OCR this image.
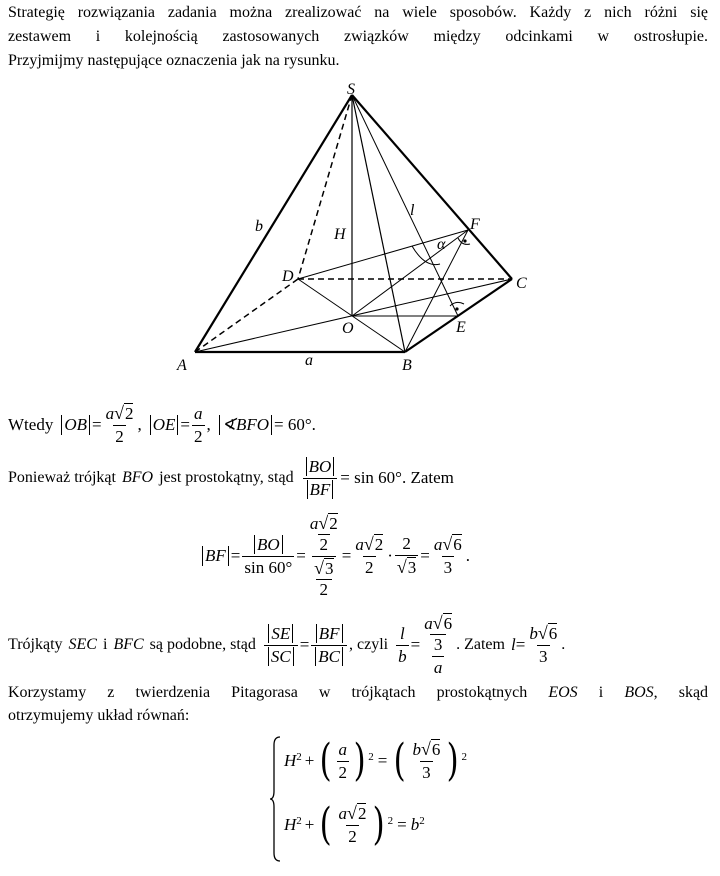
Strategię rozwiązania zadania można zrealizować na wiele sposobów. Każdy z nich różni się
zestawem i kolejnością zastosowanych związków między odcinkami w ostrosłupie.
Przyjmijmy następujące oznaczenia jak na rysunku.
S
F
C
D
O	E
A	B
a
b
l
H
α
Wtedy OB = $\frac{a√2}{2}$ , OE = $\frac{a}{2}$ , ∢BFO = 60°.
Ponieważ trójkąt BFO jest prostokątny, stąd $\frac{BO}{BF} = \sin 60^\circ$. Zatem
BF = $\frac{BO}{\sin 60^\circ} = a√2$
2
√3
$2 = \frac{a√2}{2} \cdot \frac{2}{√3} = \frac{a√6}{3}$ .
Trójkąty SEC i BFC są podobne, stąd $\frac{SE}{SC} = \frac{BF}{BC}$ , czyli $\frac{l}{b} = a√6$
3
a . Zatem $l = \frac{b√6}{3}$ .
Korzystamy z twierdzenia Pitagorasa w trójkątach prostokątnych EOS i BOS, skąd
otrzymujemy układ równań:
$H^2$ + ( $\frac{a}{2} )^2$ = ( $\frac{b√6}{3} )^2$
$H^2$ + ( $\frac{a√2}{2} )^2 = b^2$
